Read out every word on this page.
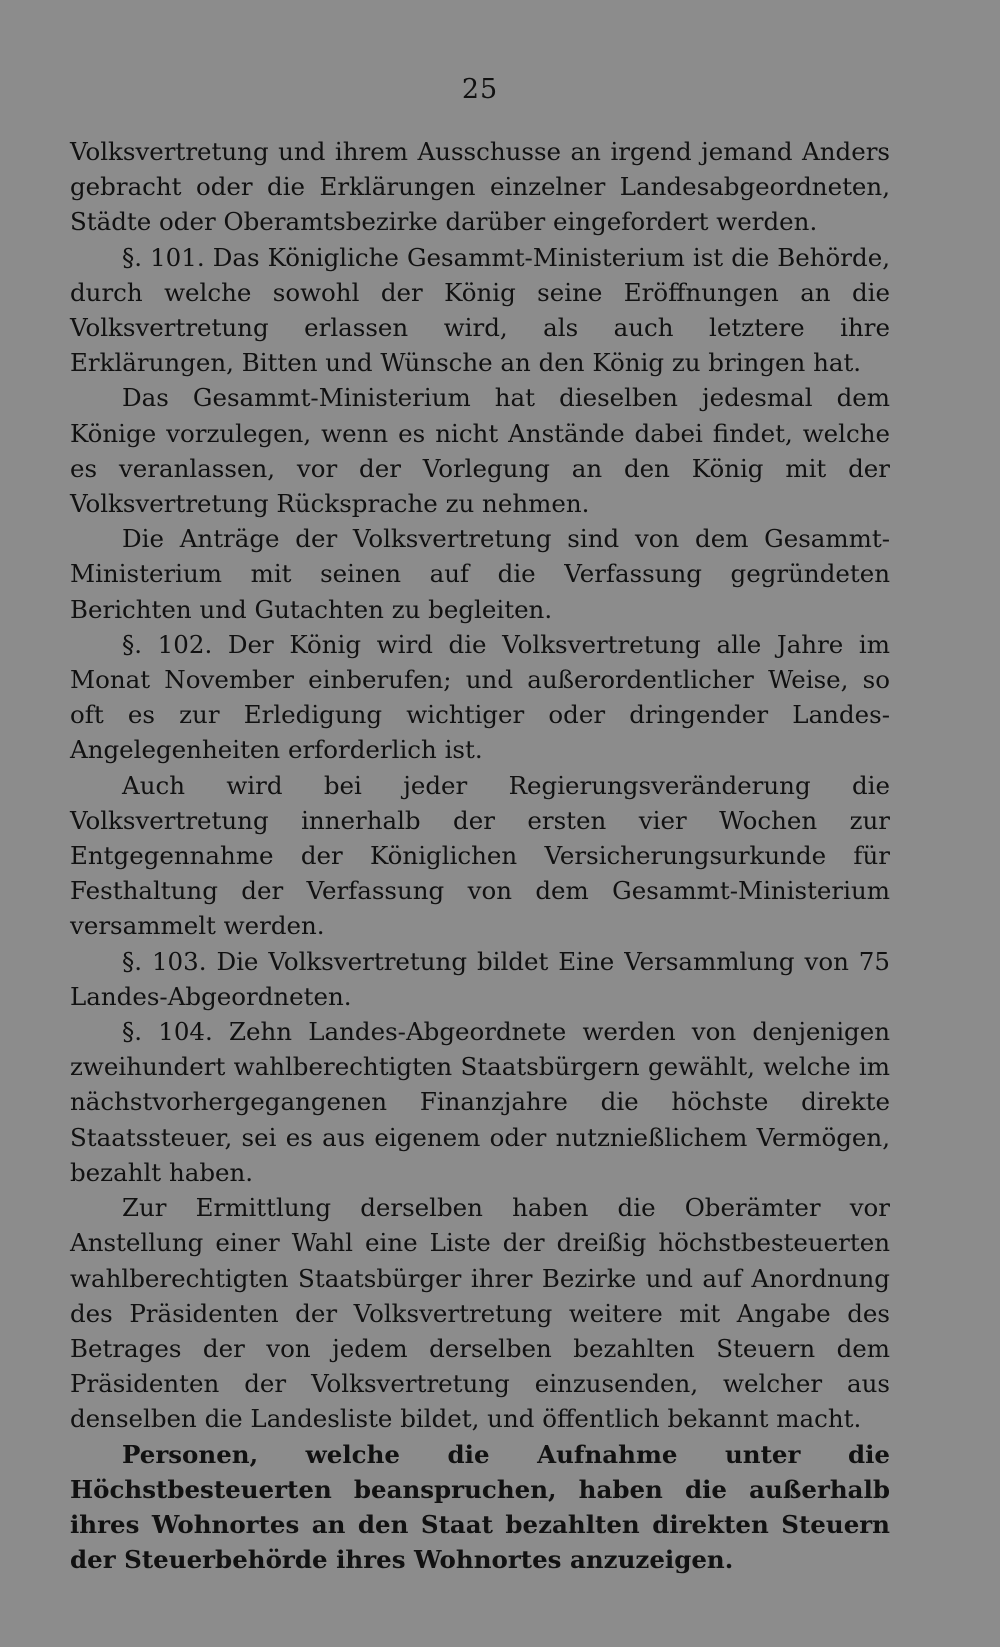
25

Volksvertretung und ihrem Ausschusse an irgend jemand Anders gebracht oder die Erklärungen einzelner Landesabgeordneten, Städte oder Oberamtsbezirke darüber eingefordert werden.

§. 101. Das Königliche Gesammt-Ministerium ist die Behörde, durch welche sowohl der König seine Eröffnungen an die Volksvertretung erlassen wird, als auch letztere ihre Erklärungen, Bitten und Wünsche an den König zu bringen hat.

Das Gesammt-Ministerium hat dieselben jedesmal dem Könige vorzulegen, wenn es nicht Anstände dabei findet, welche es veranlassen, vor der Vorlegung an den König mit der Volksvertretung Rücksprache zu nehmen.

Die Anträge der Volksvertretung sind von dem Gesammt-Ministerium mit seinen auf die Verfassung gegründeten Berichten und Gutachten zu begleiten.

§. 102. Der König wird die Volksvertretung alle Jahre im Monat November einberufen; und außerordentlicher Weise, so oft es zur Erledigung wichtiger oder dringender Landes-Angelegenheiten erforderlich ist.

Auch wird bei jeder Regierungsveränderung die Volksvertretung innerhalb der ersten vier Wochen zur Entgegennahme der Königlichen Versicherungsurkunde für Festhaltung der Verfassung von dem Gesammt-Ministerium versammelt werden.

§. 103. Die Volksvertretung bildet Eine Versammlung von 75 Landes-Abgeordneten.

§. 104. Zehn Landes-Abgeordnete werden von denjenigen zweihundert wahlberechtigten Staatsbürgern gewählt, welche im nächstvorhergegangenen Finanzjahre die höchste direkte Staatssteuer, sei es aus eigenem oder nutznießlichem Vermögen, bezahlt haben.

Zur Ermittlung derselben haben die Oberämter vor Anstellung einer Wahl eine Liste der dreißig höchstbesteuerten wahlberechtigten Staatsbürger ihrer Bezirke und auf Anordnung des Präsidenten der Volksvertretung weitere mit Angabe des Betrages der von jedem derselben bezahlten Steuern dem Präsidenten der Volksvertretung einzusenden, welcher aus denselben die Landesliste bildet, und öffentlich bekannt macht.

Personen, welche die Aufnahme unter die Höchstbesteuerten beanspruchen, haben die außerhalb ihres Wohnortes an den Staat bezahlten direkten Steuern der Steuerbehörde ihres Wohnortes anzuzeigen.
